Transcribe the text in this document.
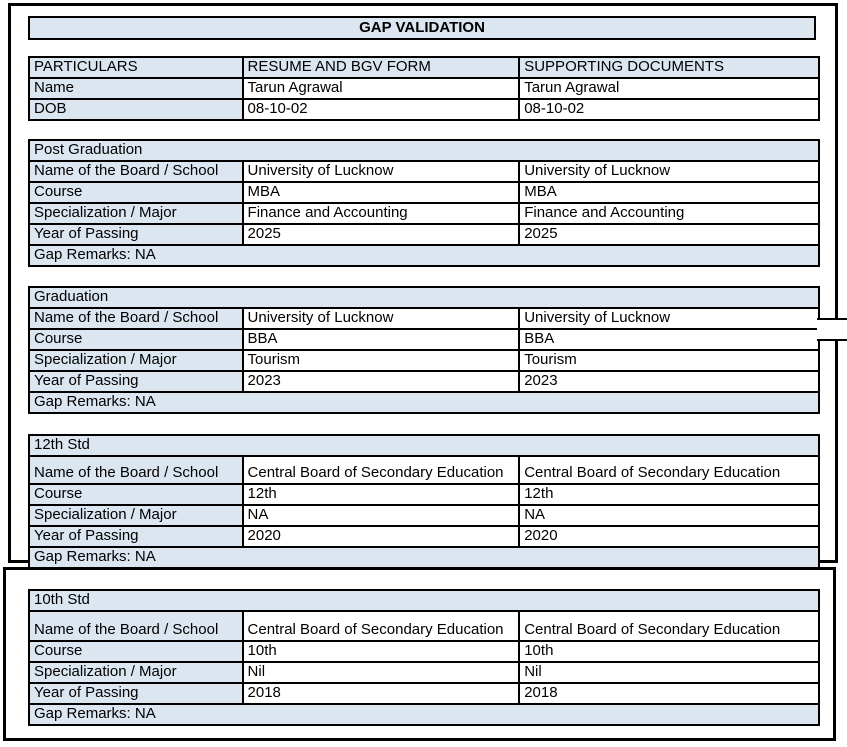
GAP VALIDATION
PARTICULARS	RESUME AND BGV FORM	SUPPORTING DOCUMENTS
Name	Tarun Agrawal	Tarun Agrawal
DOB	08-10-02	08-10-02
Post Graduation		
Name of the Board / School	University of Lucknow	University of Lucknow
Course	MBA	MBA
Specialization / Major	Finance and Accounting	Finance and Accounting
Year of Passing	2025	2025
Gap Remarks: NA		
Graduation		
Name of the Board / School	University of Lucknow	University of Lucknow
Course	BBA	BBA
Specialization / Major	Tourism	Tourism
Year of Passing	2023	2023
Gap Remarks: NA		
12th Std		
Name of the Board / School	Central Board of Secondary Education	Central Board of Secondary Education
Course	12th	12th
Specialization / Major	NA	NA
Year of Passing	2020	2020
Gap Remarks: NA		
10th Std		
Name of the Board / School	Central Board of Secondary Education	Central Board of Secondary Education
Course	10th	10th
Specialization / Major	Nil	Nil
Year of Passing	2018	2018
Gap Remarks: NA		
